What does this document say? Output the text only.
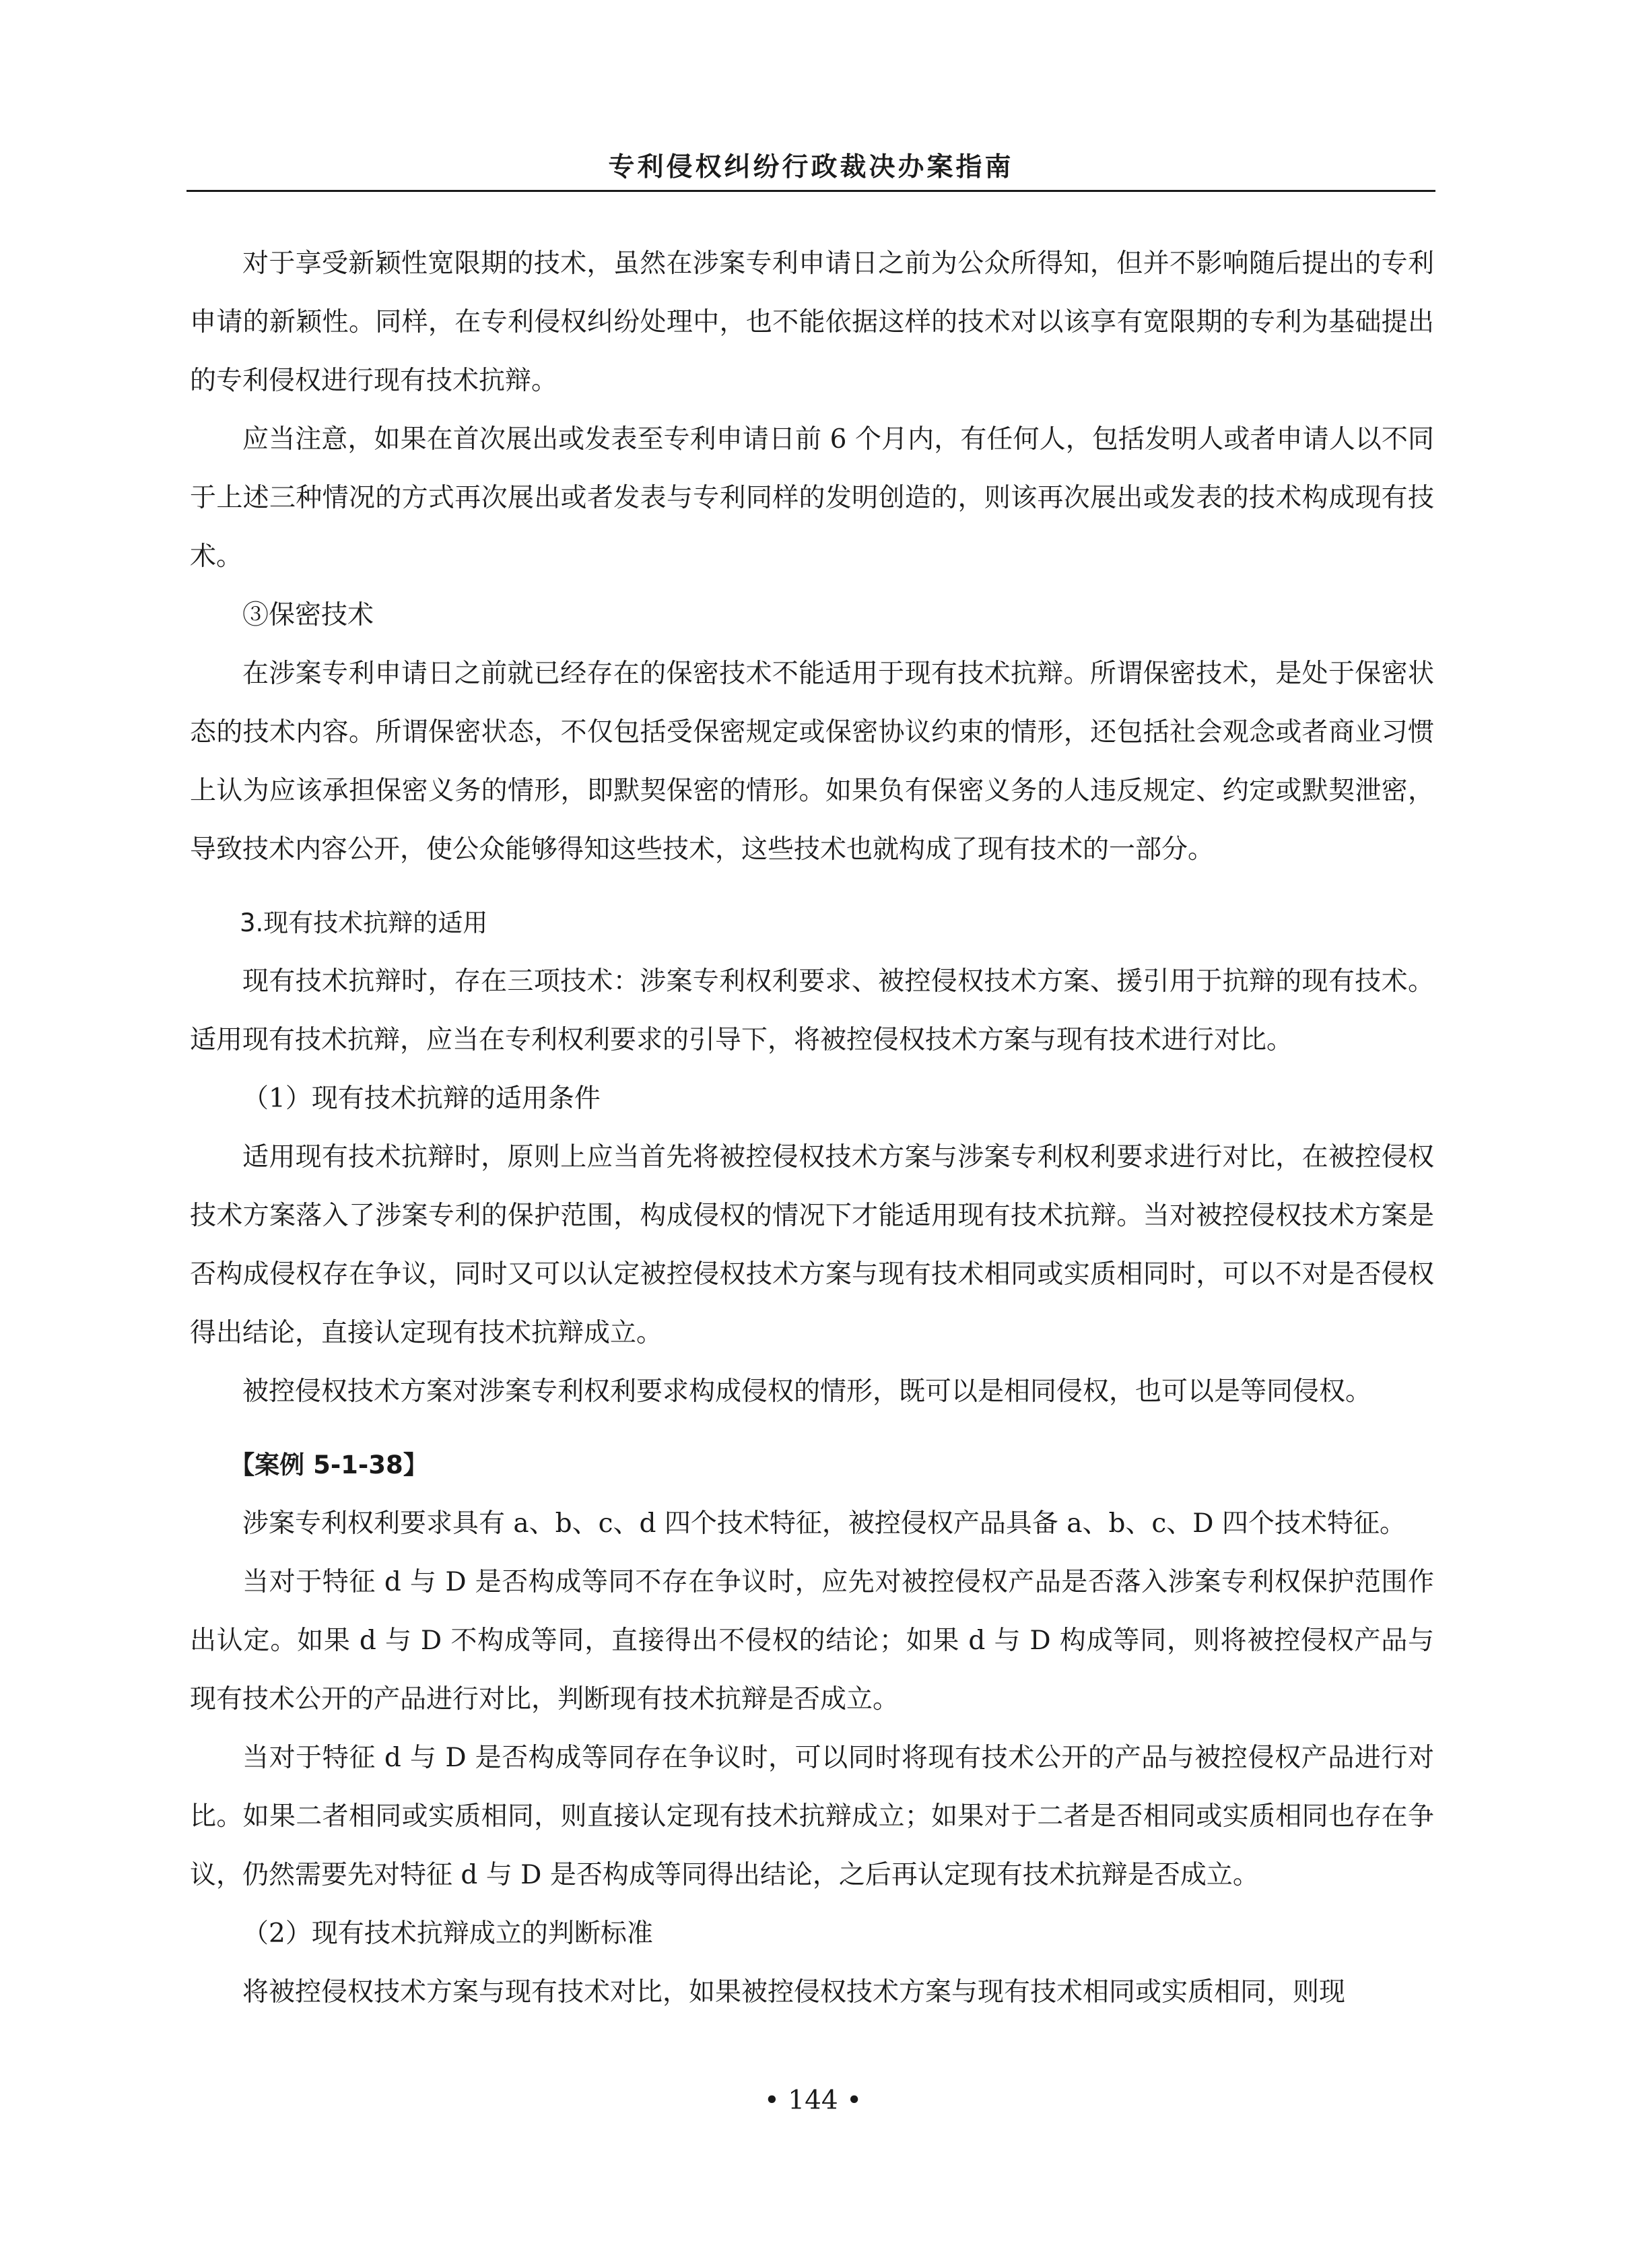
专利侵权纠纷行政裁决办案指南

对于享受新颖性宽限期的技术，虽然在涉案专利申请日之前为公众所得知，但并不影响随后提出的专利申请的新颖性。同样，在专利侵权纠纷处理中，也不能依据这样的技术对以该享有宽限期的专利为基础提出的专利侵权进行现有技术抗辩。

应当注意，如果在首次展出或发表至专利申请日前 6 个月内，有任何人，包括发明人或者申请人以不同于上述三种情况的方式再次展出或者发表与专利同样的发明创造的，则该再次展出或发表的技术构成现有技术。

③保密技术

在涉案专利申请日之前就已经存在的保密技术不能适用于现有技术抗辩。所谓保密技术，是处于保密状态的技术内容。所谓保密状态，不仅包括受保密规定或保密协议约束的情形，还包括社会观念或者商业习惯上认为应该承担保密义务的情形，即默契保密的情形。如果负有保密义务的人违反规定、约定或默契泄密，导致技术内容公开，使公众能够得知这些技术，这些技术也就构成了现有技术的一部分。

3.现有技术抗辩的适用

现有技术抗辩时，存在三项技术：涉案专利权利要求、被控侵权技术方案、援引用于抗辩的现有技术。适用现有技术抗辩，应当在专利权利要求的引导下，将被控侵权技术方案与现有技术进行对比。

（1）现有技术抗辩的适用条件

适用现有技术抗辩时，原则上应当首先将被控侵权技术方案与涉案专利权利要求进行对比，在被控侵权技术方案落入了涉案专利的保护范围，构成侵权的情况下才能适用现有技术抗辩。当对被控侵权技术方案是否构成侵权存在争议，同时又可以认定被控侵权技术方案与现有技术相同或实质相同时，可以不对是否侵权得出结论，直接认定现有技术抗辩成立。

被控侵权技术方案对涉案专利权利要求构成侵权的情形，既可以是相同侵权，也可以是等同侵权。

【案例 5-1-38】

涉案专利权利要求具有 a、b、c、d 四个技术特征，被控侵权产品具备 a、b、c、D 四个技术特征。

当对于特征 d 与 D 是否构成等同不存在争议时，应先对被控侵权产品是否落入涉案专利权保护范围作出认定。如果 d 与 D 不构成等同，直接得出不侵权的结论；如果 d 与 D 构成等同，则将被控侵权产品与现有技术公开的产品进行对比，判断现有技术抗辩是否成立。

当对于特征 d 与 D 是否构成等同存在争议时，可以同时将现有技术公开的产品与被控侵权产品进行对比。如果二者相同或实质相同，则直接认定现有技术抗辩成立；如果对于二者是否相同或实质相同也存在争议，仍然需要先对特征 d 与 D 是否构成等同得出结论，之后再认定现有技术抗辩是否成立。

（2）现有技术抗辩成立的判断标准

将被控侵权技术方案与现有技术对比，如果被控侵权技术方案与现有技术相同或实质相同，则现

• 144 •
